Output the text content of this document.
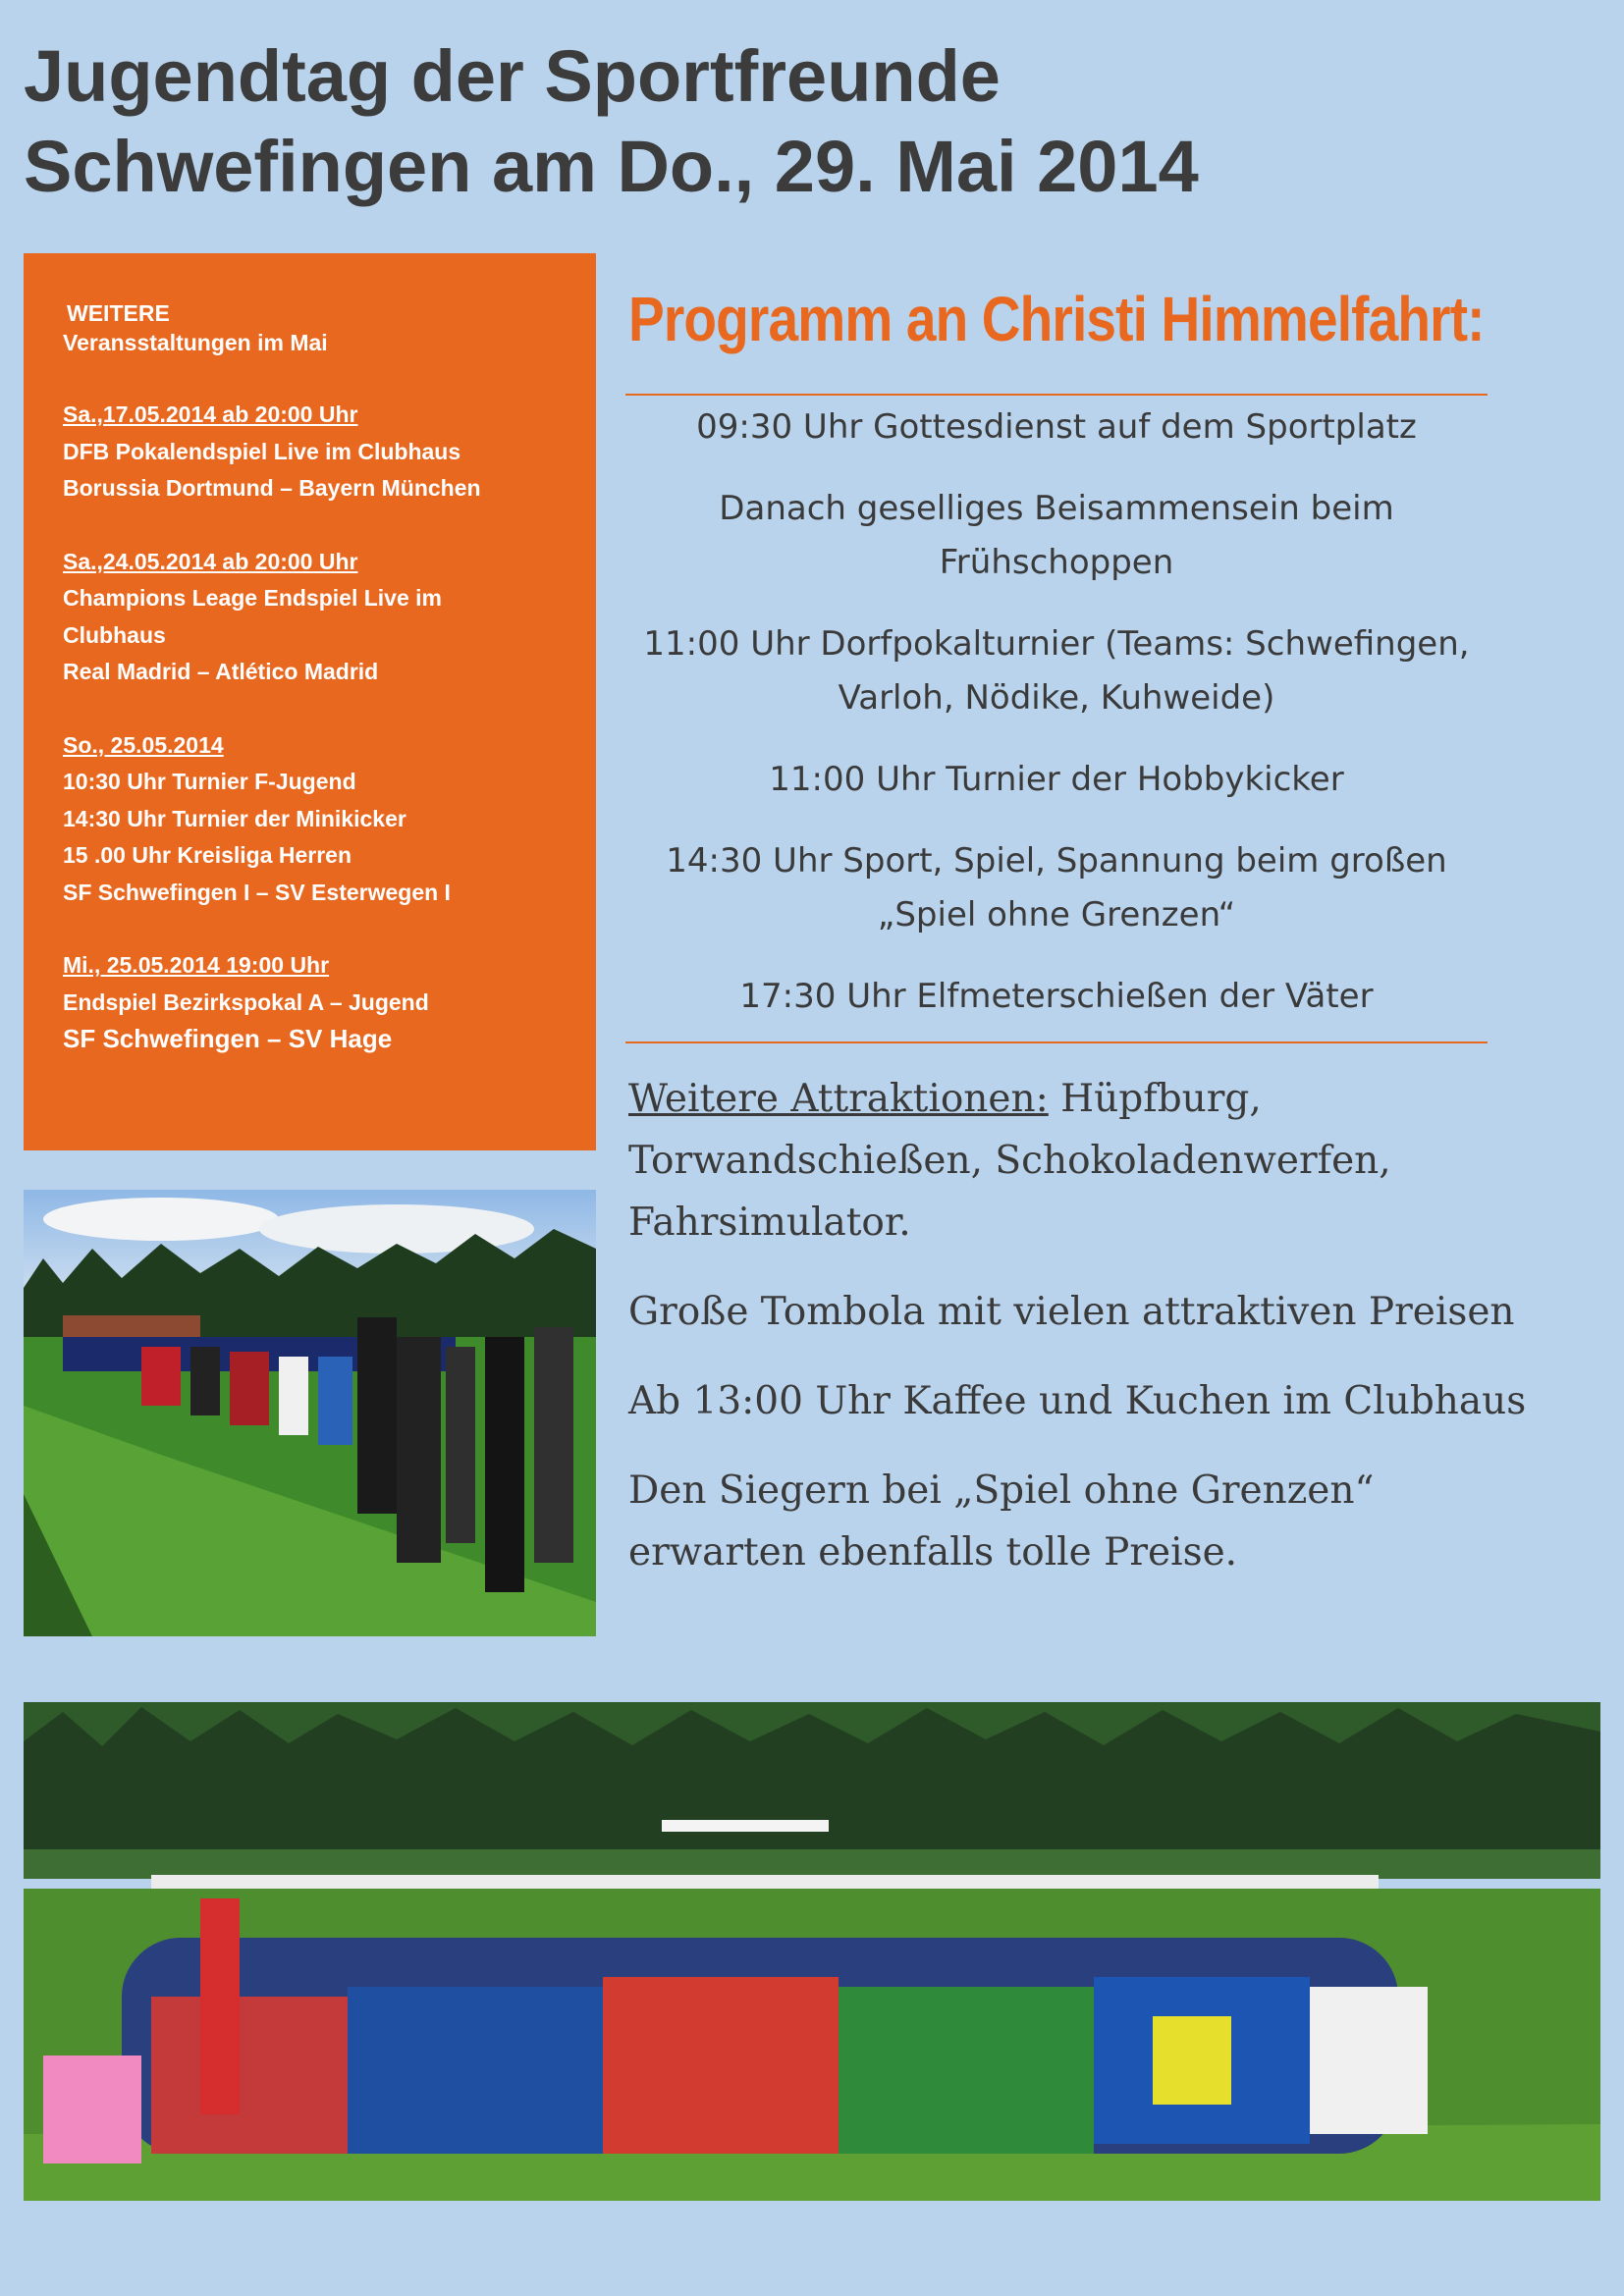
Jugendtag der Sportfreunde
Schwefingen am Do., 29. Mai 2014
WEITERE
Veransstaltungen im Mai
Sa.,17.05.2014 ab 20:00 Uhr
DFB Pokalendspiel Live im Clubhaus
Borussia Dortmund – Bayern München
Sa.,24.05.2014 ab 20:00 Uhr
Champions Leage Endspiel Live im
Clubhaus
Real Madrid – Atlético Madrid
So., 25.05.2014
10:30 Uhr Turnier F-Jugend
14:30 Uhr Turnier der Minikicker
15 .00 Uhr Kreisliga Herren
SF Schwefingen I – SV Esterwegen I
Mi., 25.05.2014 19:00 Uhr
Endspiel Bezirkspokal A – Jugend
SF Schwefingen – SV Hage
Programm an Christi Himmelfahrt:
09:30 Uhr Gottesdienst auf dem Sportplatz
Danach geselliges Beisammensein beim
Frühschoppen
11:00 Uhr Dorfpokalturnier (Teams: Schwefingen,
Varloh, Nödike, Kuhweide)
11:00 Uhr Turnier der Hobbykicker
14:30 Uhr Sport, Spiel, Spannung beim großen
„Spiel ohne Grenzen“
17:30 Uhr Elfmeterschießen der Väter

Weitere Attraktionen: Hüpfburg, Torwandschießen, Schokoladenwerfen, Fahrsimulator.

Große Tombola mit vielen attraktiven Preisen

Ab 13:00 Uhr Kaffee und Kuchen im Clubhaus

Den Siegern bei „Spiel ohne Grenzen“ erwarten ebenfalls tolle Preise.
